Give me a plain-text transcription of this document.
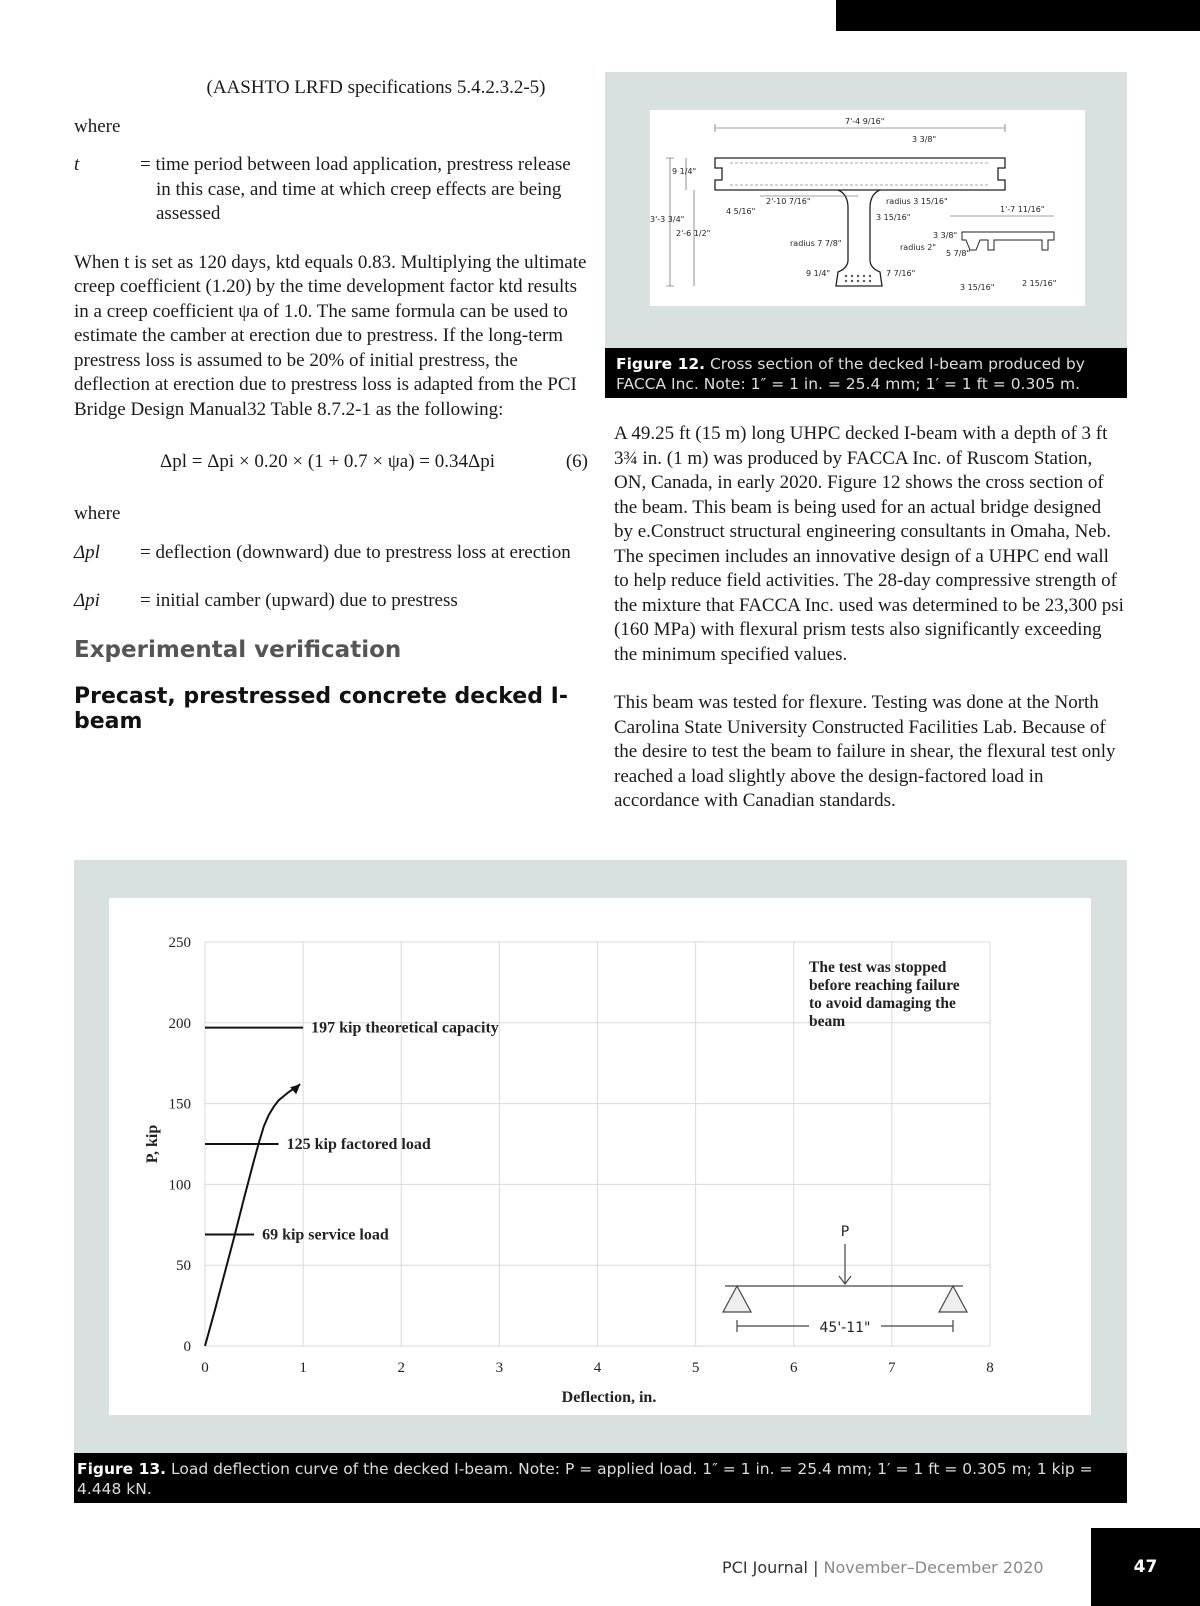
(AASHTO LRFD specifications 5.4.2.3.2-5)
where
t	= time period between load application, prestress release in this case, and time at which creep effects are being assessed

When t is set as 120 days, ktd equals 0.83. Multiplying the ultimate creep coefficient (1.20) by the time development factor ktd results in a creep coefficient ψa of 1.0. The same formula can be used to estimate the camber at erection due to prestress. If the long-term prestress loss is assumed to be 20% of initial prestress, the deflection at erection due to prestress loss is adapted from the PCI Bridge Design Manual32 Table 8.7.2-1 as the following:

Δpl = Δpi × 0.20 × (1 + 0.7 × ψa) = 0.34Δpi	(6)
where
Δpl	= deflection (downward) due to prestress loss at erection
Δpi	= initial camber (upward) due to prestress
Experimental verification
Precast, prestressed concrete decked I-beam
7'-4 9/16"
3 3/8"
9 1/4"
3'-3 3/4"
2'-6 1/2"
2'-10 7/16"
4 5/16"
radius 3 15/16"
3 15/16"
radius 7 7/8"	radius 2"
9 1/4"	7 7/16"
1'-7 11/16"
3 3/8"
5 7/8"
3 15/16"	2 15/16"
Figure 12. Cross section of the decked I-beam produced by FACCA Inc. Note: 1″ = 1 in. = 25.4 mm; 1′ = 1 ft = 0.305 m.

A 49.25 ft (15 m) long UHPC decked I-beam with a depth of 3 ft 3¾ in. (1 m) was produced by FACCA Inc. of Ruscom Station, ON, Canada, in early 2020. Figure 12 shows the cross section of the beam. This beam is being used for an actual bridge designed by e.Construct structural engineering consultants in Omaha, Neb. The specimen includes an innovative design of a UHPC end wall to help reduce field activities. The 28-day compressive strength of the mixture that FACCA Inc. used was determined to be 23,300 psi (160 MPa) with flexural prism tests also significantly exceeding the minimum specified values.

This beam was tested for flexure. Testing was done at the North Carolina State University Constructed Facilities Lab. Because of the desire to test the beam to failure in shear, the flexural test only reached a load slightly above the design-factored load in accordance with Canadian standards.

197 kip theoretical capacity
125 kip factored load
69 kip service load
0	1	2	3	4	5	6	7	8
0
50
100
150
200
250
Deflection, in.
P, kip
The test was stopped before reaching failure to avoid damaging the beam
P
45'-11"
Figure 13. Load deflection curve of the decked I-beam. Note: P = applied load. 1″ = 1 in. = 25.4 mm; 1′ = 1 ft = 0.305 m; 1 kip = 4.448 kN.
PCI Journal | November–December 2020	47
